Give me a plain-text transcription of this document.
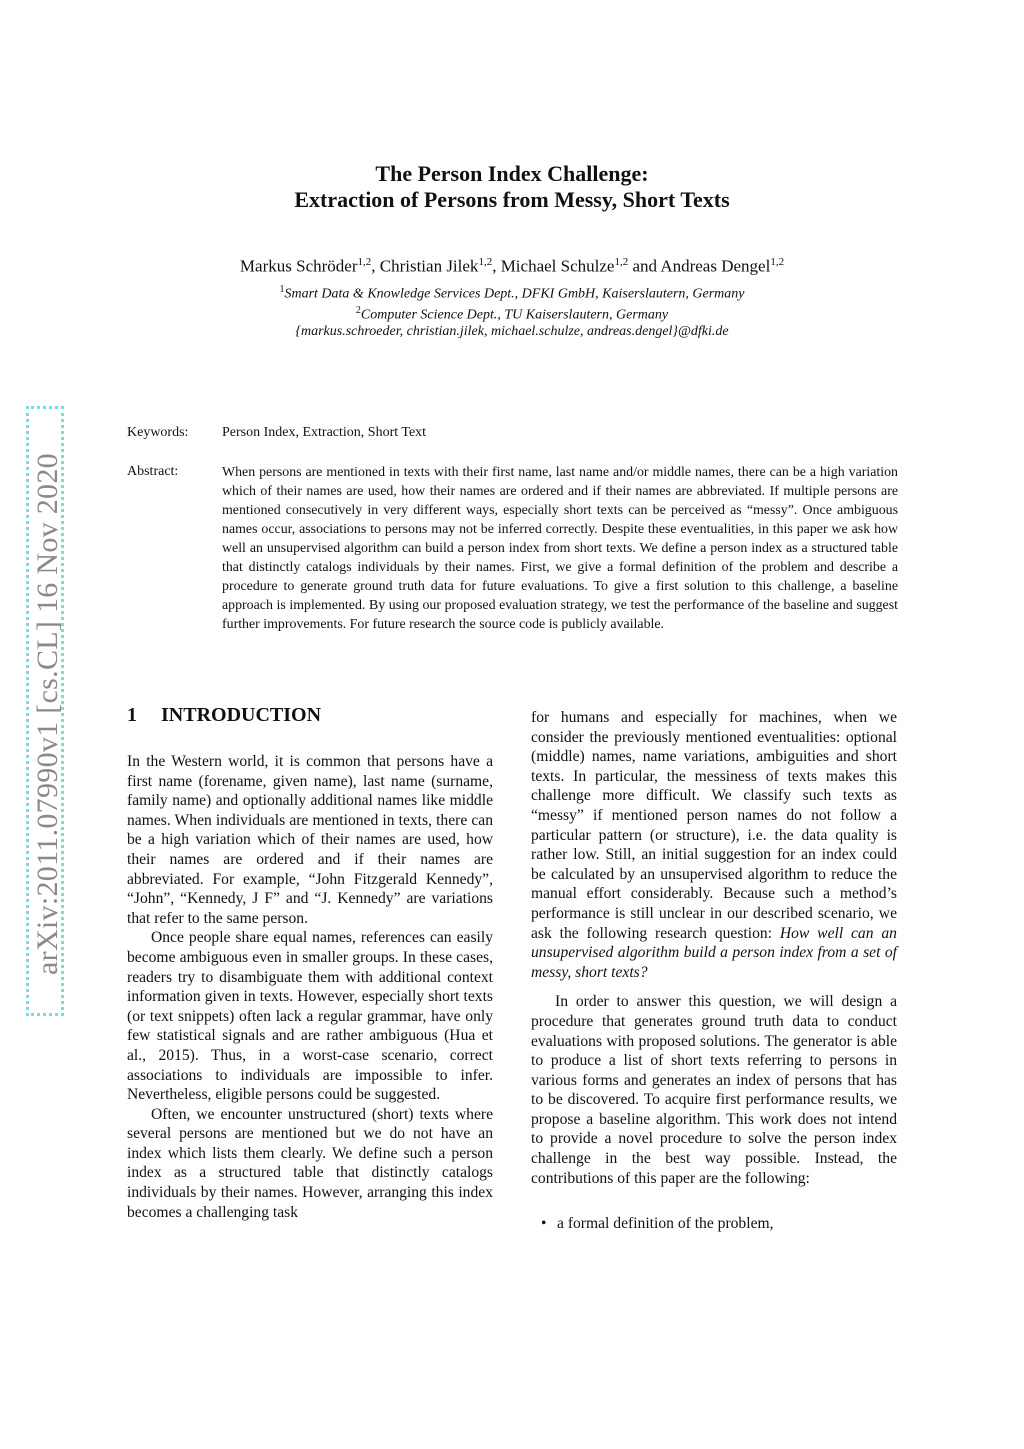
arXiv:2011.07990v1 [cs.CL] 16 Nov 2020
The Person Index Challenge:
Extraction of Persons from Messy, Short Texts
Markus Schröder$^{1,2}$, Christian Jilek$^{1,2}$, Michael Schulze$^{1,2}$ and Andreas Dengel$^{1,2}$
$^1$Smart Data & Knowledge Services Dept., DFKI GmbH, Kaiserslautern, Germany
$^2$Computer Science Dept., TU Kaiserslautern, Germany
{markus.schroeder, christian.jilek, michael.schulze, andreas.dengel}@dfki.de
Keywords: Person Index, Extraction, Short Text
Abstract:	When persons are mentioned in texts with their first name, last name and/or middle names, there can be a high variation which of their names are used, how their names are ordered and if their names are abbreviated. If multiple persons are mentioned consecutively in very different ways, especially short texts can be perceived as “messy”. Once ambiguous names occur, associations to persons may not be inferred correctly. Despite these eventualities, in this paper we ask how well an unsupervised algorithm can build a person index from short texts. We define a person index as a structured table that distinctly catalogs individuals by their names. First, we give a formal definition of the problem and describe a procedure to generate ground truth data for future evaluations. To give a first solution to this challenge, a baseline approach is implemented. By using our proposed evaluation strategy, we test the performance of the baseline and suggest further improvements. For future research the source code is publicly available.

1 INTRODUCTION

In the Western world, it is common that persons have a first name (forename, given name), last name (surname, family name) and optionally additional names like middle names. When individuals are mentioned in texts, there can be a high variation which of their names are used, how their names are ordered and if their names are abbreviated. For example, “John Fitzgerald Kennedy”, “John”, “Kennedy, J F” and “J. Kennedy” are variations that refer to the same person.

Once people share equal names, references can easily become ambiguous even in smaller groups. In these cases, readers try to disambiguate them with additional context information given in texts. However, especially short texts (or text snippets) often lack a regular grammar, have only few statistical signals and are rather ambiguous (Hua et al., 2015). Thus, in a worst-case scenario, correct associations to individuals are impossible to infer. Nevertheless, eligible persons could be suggested.

Often, we encounter unstructured (short) texts where several persons are mentioned but we do not have an index which lists them clearly. We define such a person index as a structured table that distinctly catalogs individuals by their names. However, arranging this index becomes a challenging task

for humans and especially for machines, when we consider the previously mentioned eventualities: optional (middle) names, name variations, ambiguities and short texts. In particular, the messiness of texts makes this challenge more difficult. We classify such texts as “messy” if mentioned person names do not follow a particular pattern (or structure), i.e. the data quality is rather low. Still, an initial suggestion for an index could be calculated by an unsupervised algorithm to reduce the manual effort considerably. Because such a method’s performance is still unclear in our described scenario, we ask the following research question: How well can an unsupervised algorithm build a person index from a set of messy, short texts?

In order to answer this question, we will design a procedure that generates ground truth data to conduct evaluations with proposed solutions. The generator is able to produce a list of short texts referring to persons in various forms and generates an index of persons that has to be discovered. To acquire first performance results, we propose a baseline algorithm. This work does not intend to provide a novel procedure to solve the person index challenge in the best way possible. Instead, the contributions of this paper are the following:

• a formal definition of the problem,
